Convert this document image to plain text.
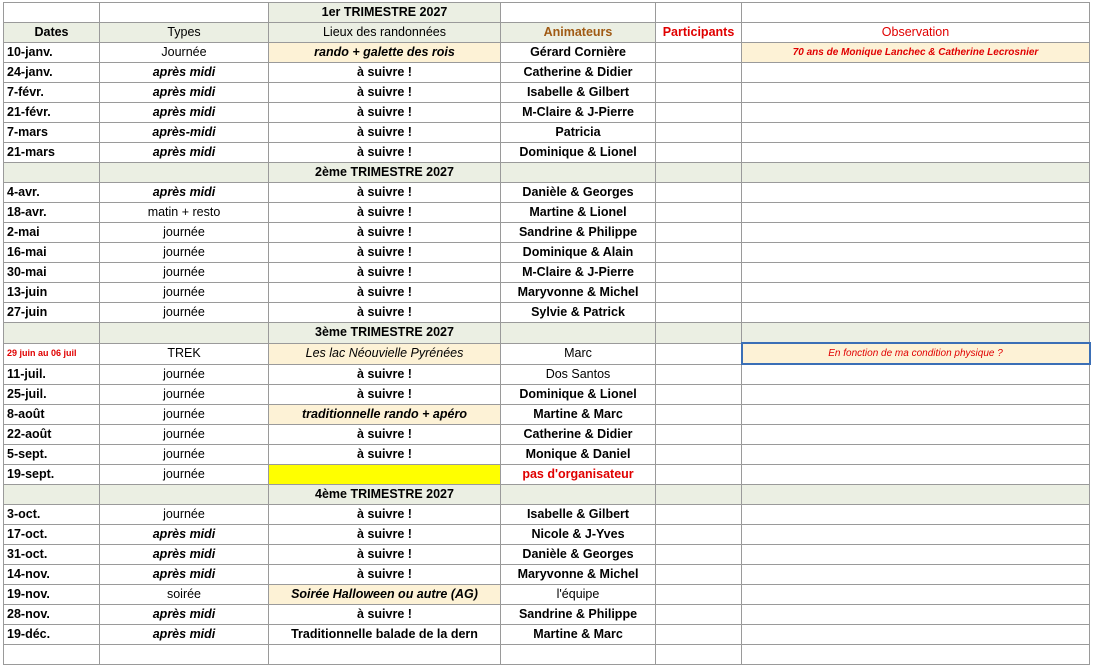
		1er TRIMESTRE 2027			
Dates	Types	Lieux des randonnées	Animateurs	Participants	Observation
10-janv.	Journée	rando + galette des rois	Gérard Cornière		70 ans de Monique Lanchec & Catherine Lecrosnier
24-janv.	après midi	à suivre !	Catherine & Didier		
7-févr.	après midi	à suivre !	Isabelle & Gilbert		
21-févr.	après midi	à suivre !	M-Claire & J-Pierre		
7-mars	après-midi	à suivre !	Patricia		
21-mars	après midi	à suivre !	Dominique & Lionel		
		2ème TRIMESTRE 2027			
4-avr.	après midi	à suivre !	Danièle & Georges		
18-avr.	matin + resto	à suivre !	Martine & Lionel		
2-mai	journée	à suivre !	Sandrine & Philippe		
16-mai	journée	à suivre !	Dominique & Alain		
30-mai	journée	à suivre !	M-Claire & J-Pierre		
13-juin	journée	à suivre !	Maryvonne & Michel		
27-juin	journée	à suivre !	Sylvie & Patrick		
		3ème TRIMESTRE 2027			
29 juin au 06 juil	TREK	Les lac Néouvielle Pyrénées	Marc		En fonction de ma condition physique ?
11-juil.	journée	à suivre !	Dos Santos		
25-juil.	journée	à suivre !	Dominique & Lionel		
8-août	journée	traditionnelle rando + apéro	Martine & Marc		
22-août	journée	à suivre !	Catherine & Didier		
5-sept.	journée	à suivre !	Monique & Daniel		
19-sept.	journée		pas d'organisateur		
		4ème TRIMESTRE 2027			
3-oct.	journée	à suivre !	Isabelle & Gilbert		
17-oct.	après midi	à suivre !	Nicole & J-Yves		
31-oct.	après midi	à suivre !	Danièle & Georges		
14-nov.	après midi	à suivre !	Maryvonne & Michel		
19-nov.	soirée	Soirée Halloween ou autre (AG)	l'équipe		
28-nov.	après midi	à suivre !	Sandrine & Philippe		
19-déc.	après midi	Traditionnelle balade de la dern	Martine & Marc		
